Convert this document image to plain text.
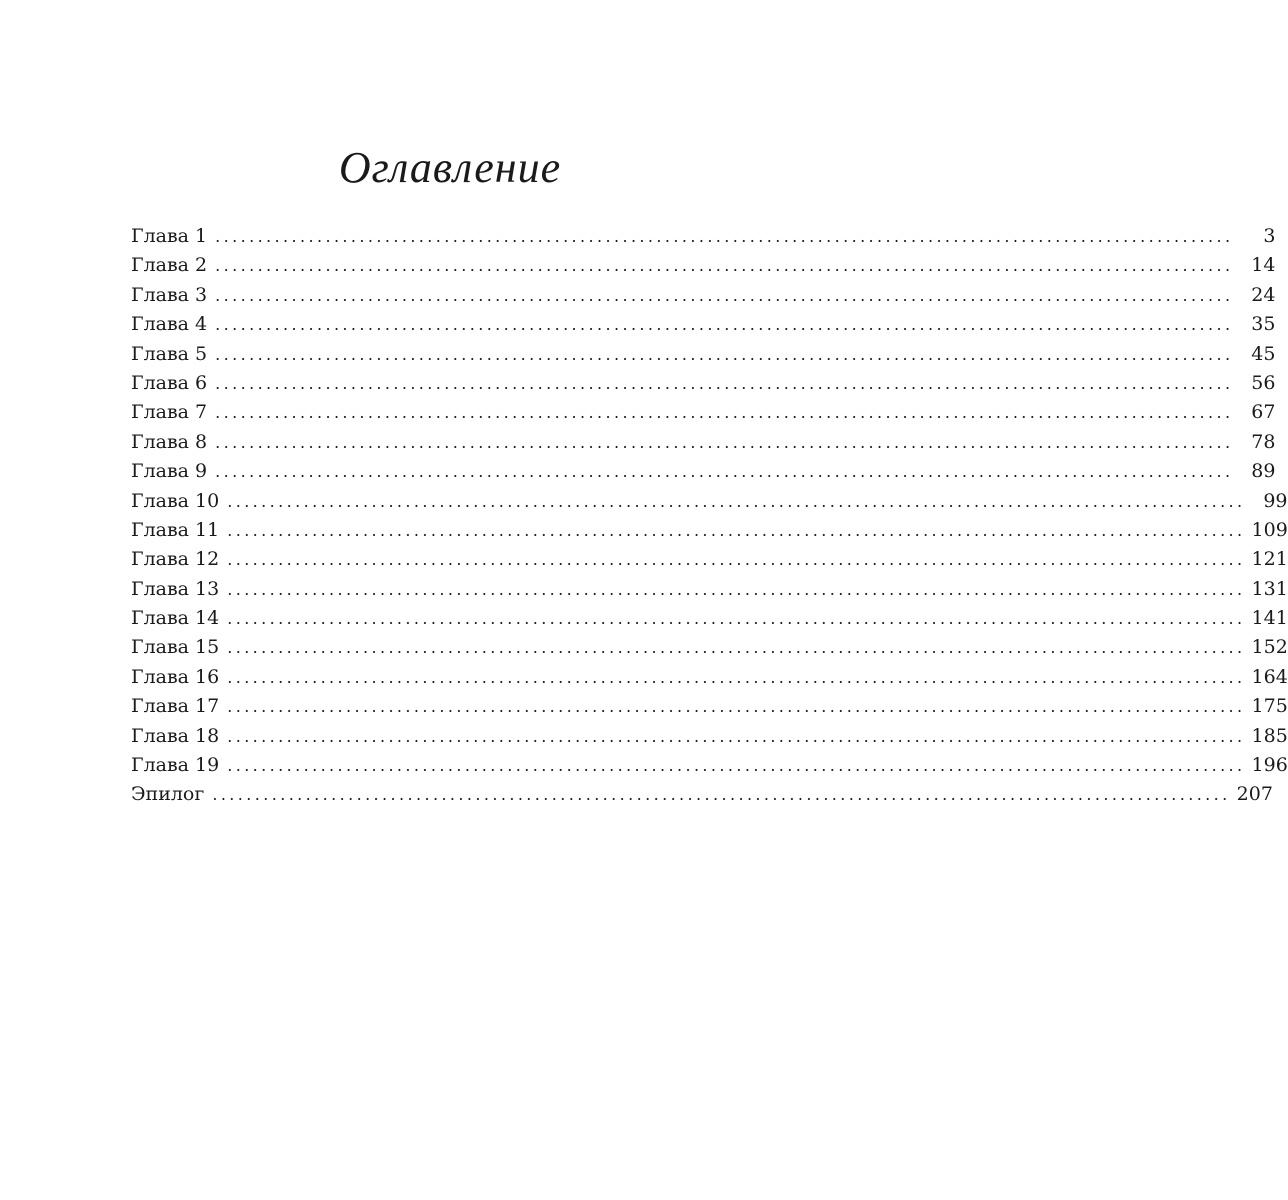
Оглавление
Глава 1 ........................................................................................................................	3
Глава 2 ........................................................................................................................ 14
Глава 3 ........................................................................................................................ 24
Глава 4 ........................................................................................................................ 35
Глава 5 ........................................................................................................................ 45
Глава 6 ........................................................................................................................ 56
Глава 7 ........................................................................................................................ 67
Глава 8 ........................................................................................................................ 78
Глава 9 ........................................................................................................................ 89
Глава 10 ........................................................................................................................ 99
Глава 11 ........................................................................................................................ 109
Глава 12 ........................................................................................................................ 121
Глава 13 ........................................................................................................................ 131
Глава 14 ........................................................................................................................ 141
Глава 15 ........................................................................................................................ 152
Глава 16 ........................................................................................................................ 164
Глава 17 ........................................................................................................................ 175
Глава 18 ........................................................................................................................ 185
Глава 19 ........................................................................................................................ 196
Эпилог ........................................................................................................................ 207
